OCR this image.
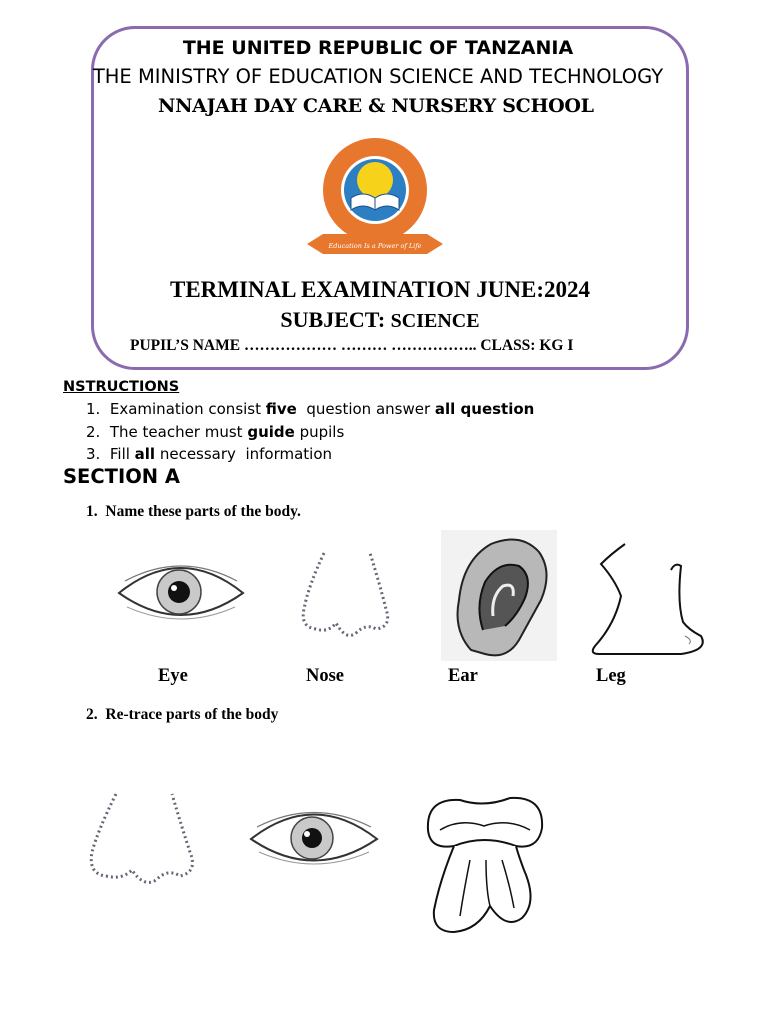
THE UNITED REPUBLIC OF TANZANIA
THE MINISTRY OF EDUCATION SCIENCE AND TECHNOLOGY
NNAJAH DAY CARE & NURSERY SCHOOL
Education Is a Power of Life
TERMINAL EXAMINATION JUNE:2024
SUBJECT: SCIENCE
PUPIL’S NAME ……………… ……… …………….. CLASS: KG I
NSTRUCTIONS
1. Examination consist five  question answer all question
2. The teacher must guide pupils
3. Fill all necessary  information
SECTION A
1. Name these parts of the body.
Eye	Nose	Ear	Leg
2. Re-trace parts of the body
